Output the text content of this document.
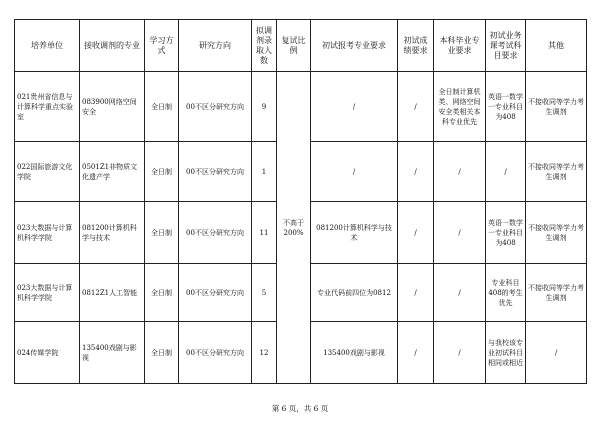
培养单位	接收调剂的专业	学习方式	研究方向	拟调剂录取人数	复试比例	初试报考专业要求	初试成绩要求	本科毕业专业要求	初试业务课考试科目要求	其他
021贵州省信息与计算科学重点实验室	083900网络空间安全	全日制	00不区分研究方向	9	不高于200%	/	/	全日制计算机类、网络空间安全类相关本科专业优先	英语一数学一专业科目为408	不接收同等学力考生调剂
022国际旅游文化学院	0501Z1非物质文化遗产学	全日制	00不区分研究方向	1		/	/	/	/	不接收同等学力考生调剂
023大数据与计算机科学学院	081200计算机科学与技术	全日制	00不区分研究方向	11		081200计算机科学与技术	/	/	英语一数学一专业科目为408	不接收同等学力考生调剂
023大数据与计算机科学学院	0812Z1人工智能	全日制	00不区分研究方向	5		专业代码前四位为0812	/	/	专业科目408的考生优先	不接收同等学力考生调剂
024传媒学院	135400戏剧与影视	全日制	00不区分研究方向	12		135400戏剧与影视	/	/	与我校该专业初试科目相同或相近	/
第 6 页，共 6 页
